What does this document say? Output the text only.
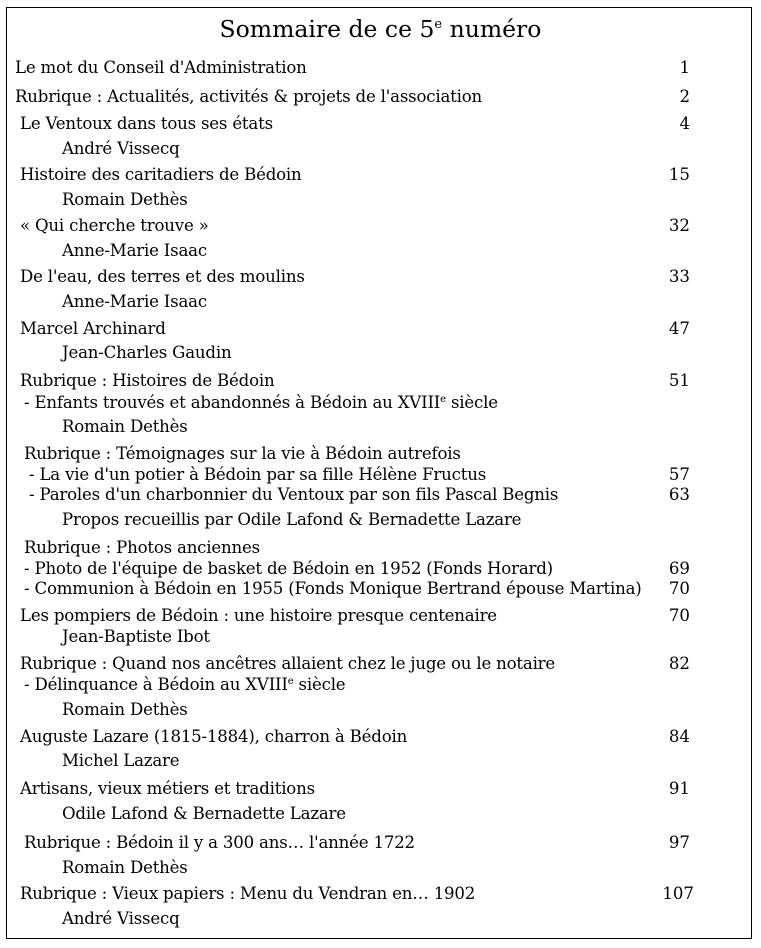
Sommaire de ce 5e numéro
Le mot du Conseil d'Administration	1
Rubrique : Actualités, activités & projets de l'association	2
Le Ventoux dans tous ses états	4
André Vissecq
Histoire des caritadiers de Bédoin	15
Romain Dethès
« Qui cherche trouve »	32
Anne-Marie Isaac
De l'eau, des terres et des moulins	33
Anne-Marie Isaac
Marcel Archinard	47
Jean-Charles Gaudin
Rubrique : Histoires de Bédoin	51
- Enfants trouvés et abandonnés à Bédoin au XVIIIe siècle
Romain Dethès
Rubrique : Témoignages sur la vie à Bédoin autrefois
- La vie d'un potier à Bédoin par sa fille Hélène Fructus	57
- Paroles d'un charbonnier du Ventoux par son fils Pascal Begnis	63
Propos recueillis par Odile Lafond & Bernadette Lazare
Rubrique : Photos anciennes
- Photo de l'équipe de basket de Bédoin en 1952 (Fonds Horard)	69
- Communion à Bédoin en 1955 (Fonds Monique Bertrand épouse Martina)	70
Les pompiers de Bédoin : une histoire presque centenaire	70
Jean-Baptiste Ibot
Rubrique : Quand nos ancêtres allaient chez le juge ou le notaire	82
- Délinquance à Bédoin au XVIIIe siècle
Romain Dethès
Auguste Lazare (1815-1884), charron à Bédoin	84
Michel Lazare
Artisans, vieux métiers et traditions	91
Odile Lafond & Bernadette Lazare
Rubrique : Bédoin il y a 300 ans… l'année 1722	97
Romain Dethès
Rubrique : Vieux papiers : Menu du Vendran en… 1902	107
André Vissecq
